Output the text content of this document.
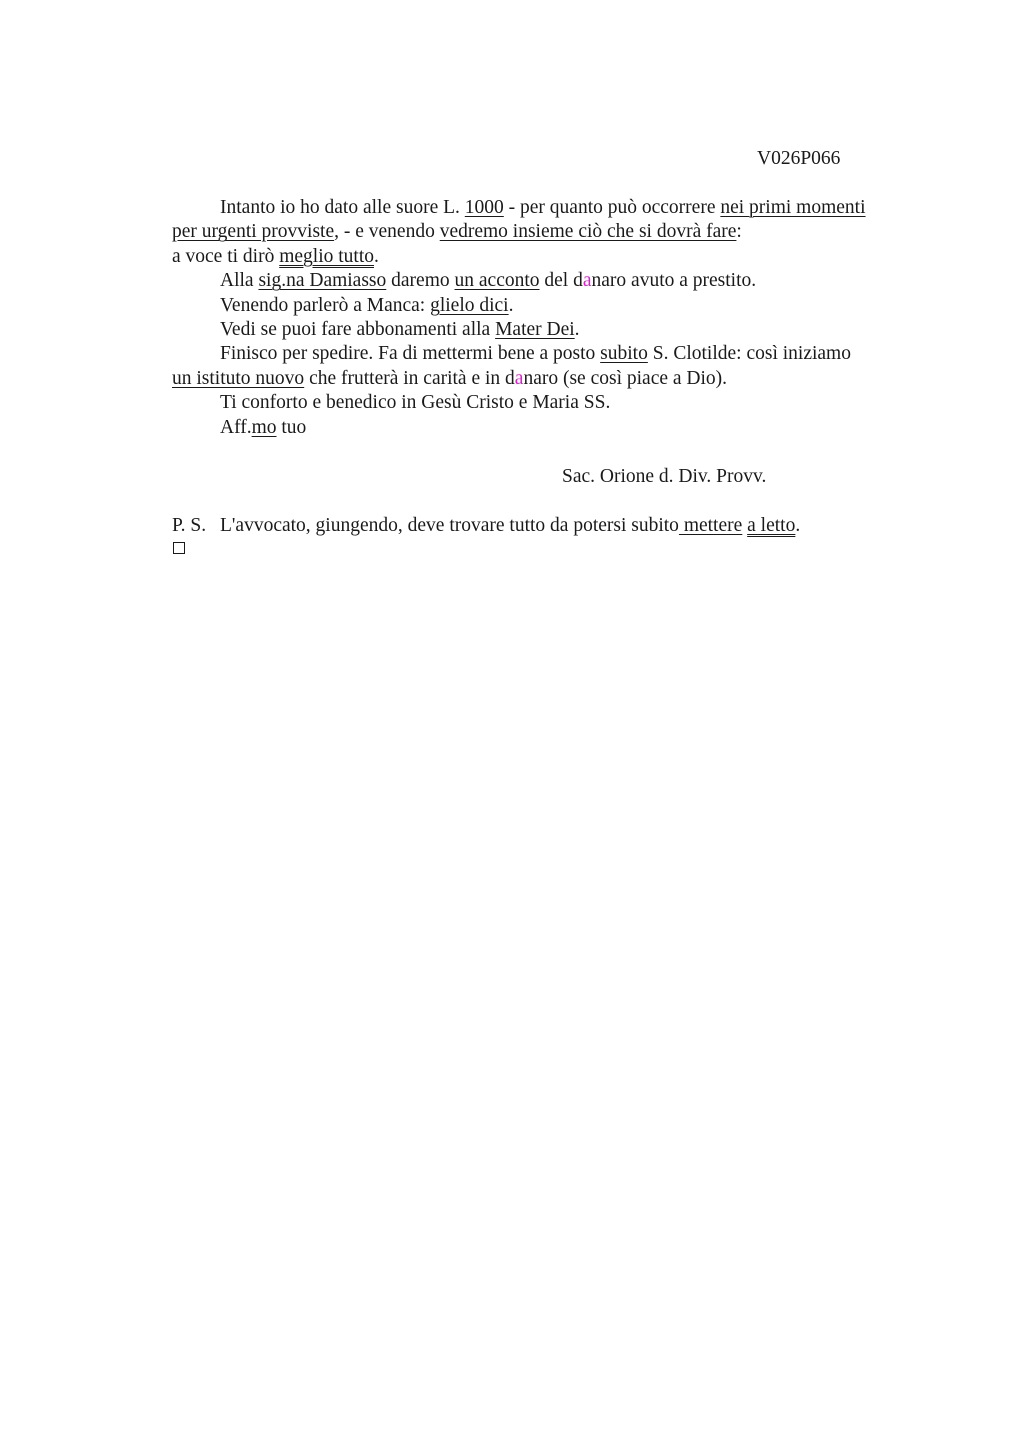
V026P066
Intanto io ho dato alle suore L. 1000 - per quanto può occorrere nei primi momenti
per urgenti provviste, - e venendo vedremo insieme ciò che si dovrà fare:
a voce ti dirò meglio tutto.
Alla sig.na Damiasso daremo un acconto del danaro avuto a prestito.
Venendo parlerò a Manca: glielo dici.
Vedi se puoi fare abbonamenti alla Mater Dei.
Finisco per spedire. Fa di mettermi bene a posto subito S. Clotilde: così iniziamo
un istituto nuovo che frutterà in carità e in danaro (se così piace a Dio).
Ti conforto e benedico in Gesù Cristo e Maria SS.
Aff.mo tuo
Sac. Orione d. Div. Provv.
P. S. L'avvocato, giungendo, deve trovare tutto da potersi subito mettere a letto.
